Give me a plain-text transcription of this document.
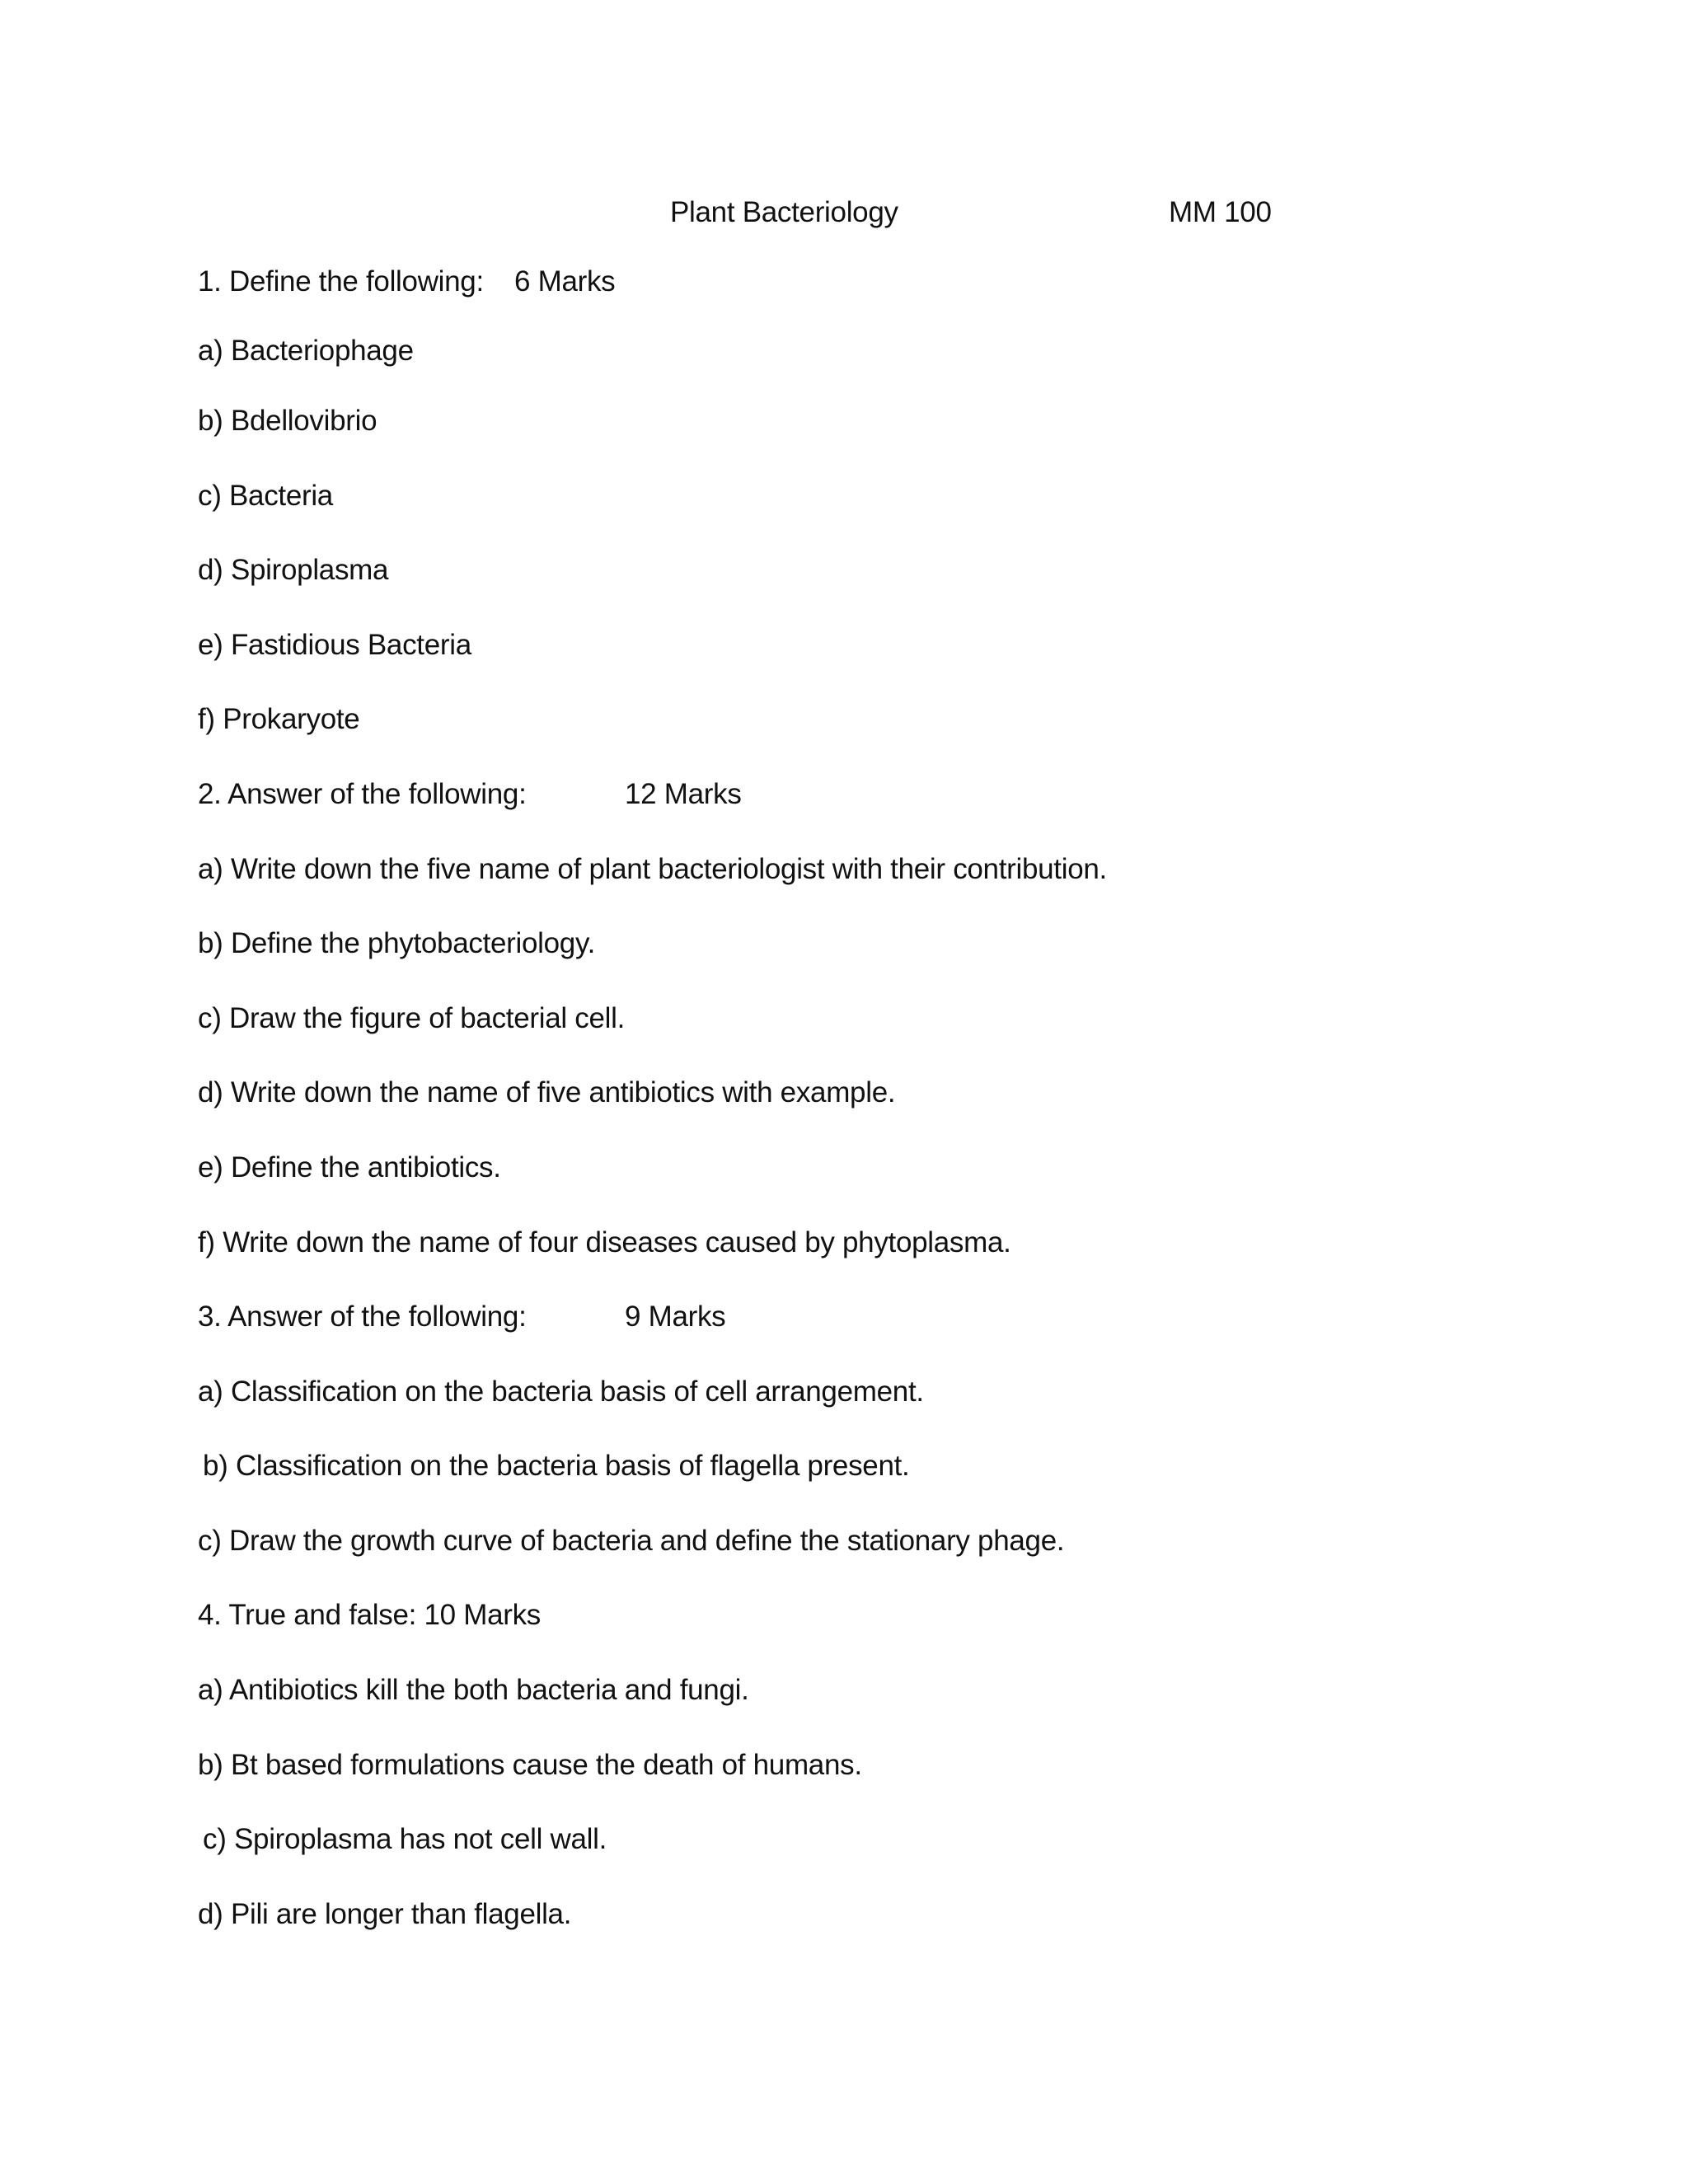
Plant Bacteriology	MM 100
1. Define the following: 6 Marks
a) Bacteriophage
b) Bdellovibrio
c) Bacteria
d) Spiroplasma
e) Fastidious Bacteria
f) Prokaryote
2. Answer of the following:	12 Marks
a) Write down the five name of plant bacteriologist with their contribution.
b) Define the phytobacteriology.
c) Draw the figure of bacterial cell.
d) Write down the name of five antibiotics with example.
e) Define the antibiotics.
f) Write down the name of four diseases caused by phytoplasma.
3. Answer of the following:	9 Marks
a) Classification on the bacteria basis of cell arrangement.
b) Classification on the bacteria basis of flagella present.
c) Draw the growth curve of bacteria and define the stationary phage.
4. True and false: 10 Marks
a) Antibiotics kill the both bacteria and fungi.
b) Bt based formulations cause the death of humans.
c) Spiroplasma has not cell wall.
d) Pili are longer than flagella.
